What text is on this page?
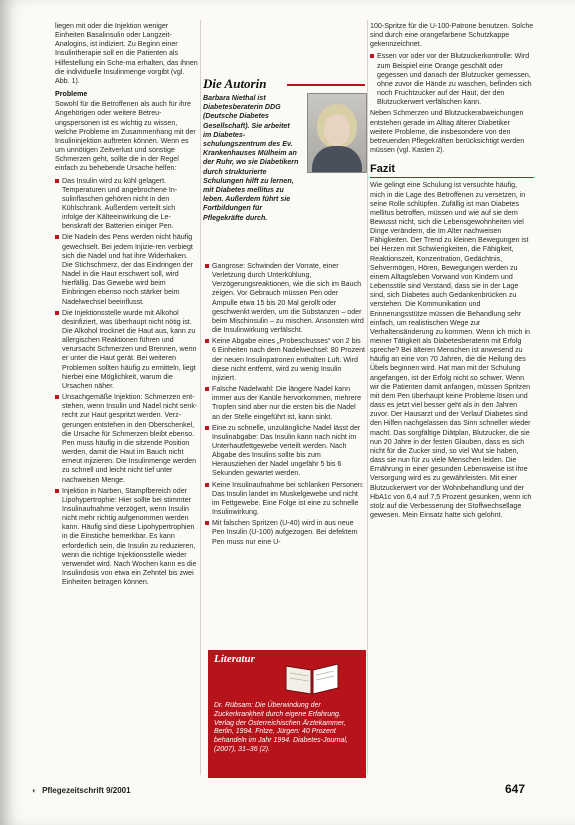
liegen mit oder die Injektion weniger Einheiten Basalinsulin oder Langzeit-Analogins, ist indiziert. Zu Beginn einer Insulintherapie soll en die Patienten als Hilfestellung ein Sche-ma erhalten, das ihnen die individuelle Insulinmenge vorgibt (vgl. Abb. 1).

Probleme

Sowohl für die Betroffenen als auch für ihre Angehörigen oder weitere Betreu-ungspersonen ist es wichtig zu wissen, welche Probleme im Zusammenhang mit der Insulininjektion auftreten können. Wenn es um unnötigen Zeitverlust und sonstige Schmerzen geht, sollte die in der Regel einfach zu behebende Ursache helfen:

Das Insulin wird zu kühl gelagert. Temperaturen und angebrochene In-sulinflaschen gehören nicht in den Kühlschrank. Außerdem verteilt sich infolge der Kälteeinwirkung die Le-benskraft der Batterien einiger Pen.
Die Nadeln des Pens werden nicht häufig gewechselt. Bei jedem Injizie-ren verbiegt sich die Nadel und hat ihre Widerhaken. Die Stichschmerz, der das Eindringen der Nadel in die Haut erschwert soll, wird hierfällig. Das Gewebe wird beim Einbringen ebenso noch stärker beim Nadelwechsel beeinflusst.
Die Injektionsstelle wurde mit Alkohol desinfiziert, was überhaupt nicht nötig ist. Die Alkohol trocknet die Haut aus, kann zu allergischen Reaktionen führen und verursacht Schmerzen und Brennen, wenn er unter die Haut gerät. Bei weiteren Problemen sollten häufig zu ermitteln, liegt hierbei eine Möglichkeit, warum die Ursachen näher.
Unsachgemäße Injektion: Schmerzen ent-stehen, wenn Insulin und Nadel nicht senk-recht zur Haut gespritzt werden. Verz-gerungen entstehen in den Oberschenkel, die Ursache für Schmerzen bleibt ebenso. Pen muss häufig in die sitzende Position werden, damit die Haut im Bauch nicht erneut injizieren. Die Insulinmenge werden zu schnell und leicht nicht tief unter nachweisen Menge.
Injektion in Narben, Stampfbereich oder Lipohypertrophie: Hier sollte bei stimmter Insulinaufnahme verzögert, wenn Insulin nicht mehr richtig aufgenommen werden kann. Häufig sind diese Lipohypertrophien in die Einstiche bemerkbar. Es kann erforderlich sein, die Insulin zu reduzieren, wenn die richtige Injektionsstelle wieder verwendet wird. Nach Wochen kann es die Insulindosis von etwa ein Zehntel bis zwei Einheiten betragen können.
Die Autorin
Barbara Niethal ist Diabetesberaterin DDG (Deutsche Diabetes Gesellschaft). Sie arbeitet im Diabetes-schulungszentrum des Ev. Krankenhauses Mülheim an der Ruhr, wo sie Diabetikern durch strukturierte Schulungen hilft zu lernen, mit Diabetes mellitus zu leben. Außerdem führt sie Fortbildungen für Pflegekräfte durch.
Gangrose: Schwinden der Vorrate, einer Verletzung durch Unterkühlung, Verzögerungsreaktionen, wie die sich im Bauch zeigen. Vor Gebrauch müssen Pen oder Ampulle etwa 15 bis 20 Mal gerollt oder geschwenkt werden, um die Substanzen – oder beim Mischinsulin – zu mischen. Ansonsten wird die Insulinwirkung verfälscht.
Keine Abgabe eines „Probeschusses“ von 2 bis 6 Einheiten nach dem Nadelwechsel: 80 Prozent der neuen Insulinpatronen enthalten Luft. Wird diese nicht entfernt, wird zu wenig Insulin injiziert.
Falsche Nadelwahl: Die längere Nadel kann immer aus der Kanüle hervorkommen, mehrere Tropfen sind aber nur die ersten bis die Nadel an der Stelle eingeführt ist, kann sinkt.
Eine zu schnelle, unzulängliche Nadel lässt der Insulinabgabe: Das Insulin kann nach nicht im Unterhautfettgewebe verteilt werden. Nach Abgabe des Insulins sollte bis zum Herausziehen der Nadel ungefähr 5 bis 6 Sekunden gewartet werden.
Keine Insulinaufnahme bei schlanken Personen: Das Insulin landet im Muskelgewebe und nicht im Fettgewebe. Eine Folge ist eine zu schnelle Insulinwirkung.
Mit falschen Spritzen (U-40) wird in aus neue Pen Insulin (U-100) aufgezogen. Bei defektem Pen muss nur eine U-
Literatur
Dr. Rübsam: Die Überwindung der Zuckerkrankheit durch eigene Erfahrung. Verlag der Österreichischen Ärztekammer, Berlin, 1994. Fritze, Jürgen: 40 Prozent behandeln im Jahr 1994. Diabetes-Journal, (2007), 31–36 (2).

100-Spritze für die U-100-Patrone benutzen. Solche sind durch eine orangefarbene Schutzkappe gekennzeichnet.

Essen vor oder vor der Blutzuckerkontrolle: Wird zum Beispiel eine Orange geschält oder gegessen und danach der Blutzucker gemessen, ohne zuvor die Hände zu waschen, befinden sich noch Fruchtzucker auf der Haut, der den Blutzuckerwert verfälschen kann.

Neben Schmerzen und Blutzuckerabweichungen entstehen gerade im Alltag älterer Diabetiker weitere Probleme, die insbesondere von den betreuenden Pflegekräften berücksichtigt werden müssen (vgl. Kasten 2).

Fazit

Wie gelingt eine Schulung ist versuchte häufig, mich in die Lage des Betroffenen zu versetzen, in seine Rolle schlüpfen. Zufällig ist man Diabetes mellitus betroffen, müssen und wie auf sie dem Bewusst nicht, sich die Lebensgewohnheiten viel Dinge verändern, die Im Alter nachweisen Fähigkeiten. Der Trend zu kleinen Bewegungen ist bei Herzen mit Schwierigkeiten, die Fähigkeit, Reaktionszeit, Konzentration, Gedächtnis, Sehvermögen, Hören, Bewegungen werden zu einem Alltagsleben Vorwand von Kindern und Lebensstile sind Verstand, dass sie in der Lage sind, sich Diabetes auch Gedankenbrücken zu verstehen. Die Kommunikation und Erinnerungsstütze müssen die Behandlung sehr einfach, um realistischen Wege zur Verhaltensänderung zu kommen. Wenn ich mich in meiner Tätigkeit als Diabetesberaterin mit Erfolg spreche? Bei älteren Menschen ist anwesend zu häufig an eine von 70 Jahren, die die Heilung des Übels beginnen wird. Hat man mit der Schulung angefangen, ist der Erfolg nicht so schwer. Wenn wir die Patienten damit anfangen, müssen Spritzen mit dem Pen überhaupt keine Probleme lösen und dass es jetzt viel besser geht als in den Jahren zuvor. Der Hausarzt und der Verlauf Diabetes sind den Hilfen nachgelassen das Sinn schneller wieder macht. Das sorgfältige Diätplan, Blutzucker, die sie nun 20 Jahre in der festen Glauben, dass es sich nicht für die Zucker sind, so viel Wut sie haben, dass sie nun für zu viele Menschen leiden. Die Ernährung in einer gesunden Lebensweise ist ihre Versorgung wird es zu gewährleisten. Mit einer Blutzuckerwert vor der Wohnbehandlung und der HbA1c von 6,4 auf 7,5 Prozent gesunken, wenn ich stolz auf die Verbesserung der Stoffwechsellage gewesen. Mein Einsatz hatte sich gelohnt.

◐ Pflegezeitschrift 9/2001	647
